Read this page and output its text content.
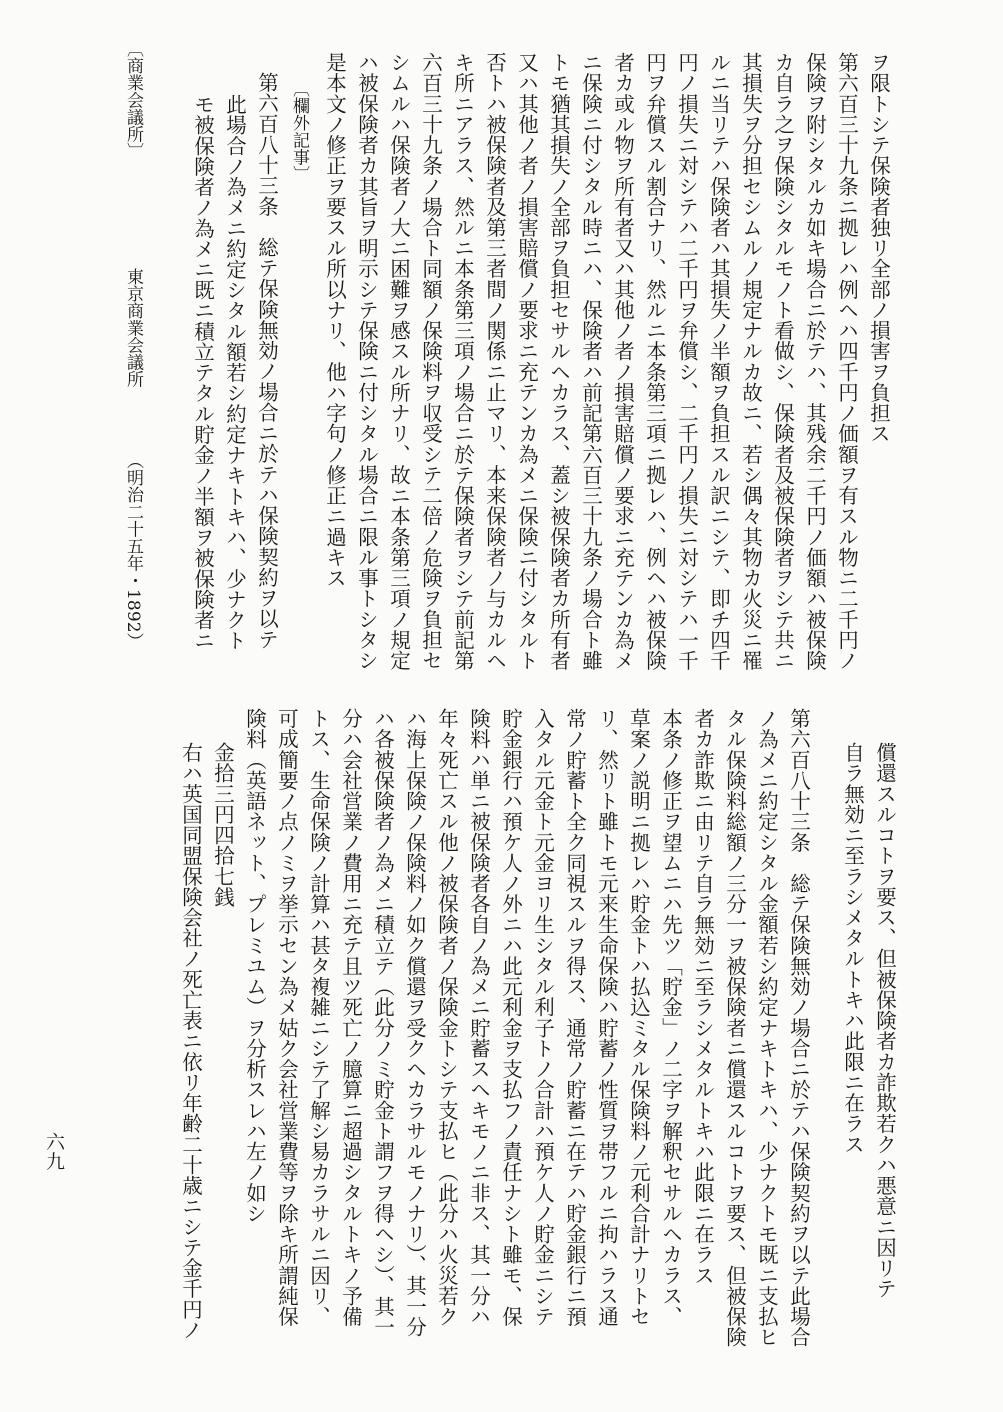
ヲ限トシテ保険者独リ全部ノ損害ヲ負担ス

第六百三十九条ニ拠レハ例ヘハ四千円ノ価額ヲ有スル物ニ二千円ノ

保険ヲ附シタルカ如キ場合ニ於テハ、其残余二千円ノ価額ハ被保険

カ自ラ之ヲ保険シタルモノト看做シ、保険者及被保険者ヲシテ共ニ

其損失ヲ分担セシムルノ規定ナルカ故ニ、若シ偶々其物カ火災ニ罹

ルニ当リテハ保険者ハ其損失ノ半額ヲ負担スル訳ニシテ、即チ四千

円ノ損失ニ対シテハ二千円ヲ弁償シ、二千円ノ損失ニ対シテハ一千

円ヲ弁償スル割合ナリ、然ルニ本条第三項ニ拠レハ、例ヘハ被保険

者カ或ル物ヲ所有者又ハ其他ノ者ノ損害賠償ノ要求ニ充テンカ為メ

ニ保険ニ付シタル時ニハ、保険者ハ前記第六百三十九条ノ場合ト雖

トモ猶其損失ノ全部ヲ負担セサルヘカラス、蓋シ被保険者カ所有者

又ハ其他ノ者ノ損害賠償ノ要求ニ充テンカ為メニ保険ニ付シタルト

否トハ被保険者及第三者間ノ関係ニ止マリ、本来保険者ノ与カルヘ

キ所ニアラス、然ルニ本条第三項ノ場合ニ於テ保険者ヲシテ前記第

六百三十九条ノ場合ト同額ノ保険料ヲ収受シテ二倍ノ危険ヲ負担セ

シムルハ保険者ノ大ニ困難ヲ感スル所ナリ、故ニ本条第三項ノ規定

ハ被保険者カ其旨ヲ明示シテ保険ニ付シタル場合ニ限ル事トシタシ

是本文ノ修正ヲ要スル所以ナリ、他ハ字句ノ修正ニ過キス

〔欄外記事〕

第六百八十三条　総テ保険無効ノ場合ニ於テハ保険契約ヲ以テ

此場合ノ為メニ約定シタル額若シ約定ナキトキハ、少ナクト

モ被保険者ノ為メニ既ニ積立テタル貯金ノ半額ヲ被保険者ニ

〔商業会議所〕

東京商業会議所

（明治二十五年・1892）

償還スルコトヲ要ス、但被保険者カ詐欺若クハ悪意ニ因リテ

自ラ無効ニ至ラシメタルトキハ此限ニ在ラス

第六百八十三条　総テ保険無効ノ場合ニ於テハ保険契約ヲ以テ此場合

ノ為メニ約定シタル金額若シ約定ナキトキハ、少ナクトモ既ニ支払ヒ

タル保険料総額ノ三分一ヲ被保険者ニ償還スルコトヲ要ス、但被保険

者カ詐欺ニ由リテ自ラ無効ニ至ラシメタルトキハ此限ニ在ラス

本条ノ修正ヲ望ムニハ先ツ「貯金」ノ二字ヲ解釈セサルヘカラス、

草案ノ説明ニ拠レハ貯金トハ払込ミタル保険料ノ元利合計ナリトセ

リ、然リト雖トモ元来生命保険ハ貯蓄ノ性質ヲ帯フルニ拘ハラス通

常ノ貯蓄ト全ク同視スルヲ得ス、通常ノ貯蓄ニ在テハ貯金銀行ニ預

入タル元金ト元金ヨリ生シタル利子トノ合計ハ預ケ人ノ貯金ニシテ

貯金銀行ハ預ケ人ノ外ニハ此元利金ヲ支払フノ責任ナシト雖モ、保

険料ハ単ニ被保険者各自ノ為メニ貯蓄スヘキモノニ非ス、其一分ハ

年々死亡スル他ノ被保険者ノ保険金トシテ支払ヒ（此分ハ火災若ク

ハ海上保険ノ保険料ノ如ク償還ヲ受クヘカラサルモノナリ）、其一分

ハ各被保険者ノ為メニ積立テ（此分ノミ貯金ト謂フヲ得ヘシ）、其一

分ハ会社営業ノ費用ニ充テ且ツ死亡ノ臆算ニ超過シタルトキノ予備

トス、生命保険ノ計算ハ甚タ複雑ニシテ了解シ易カラサルニ因リ、

可成簡要ノ点ノミヲ挙示セン為メ姑ク会社営業費等ヲ除キ所謂純保

険料（英語ネット、プレミユム）ヲ分析スレハ左ノ如シ

金拾三円四拾七銭

右ハ英国同盟保険会社ノ死亡表ニ依リ年齢二十歳ニシテ金千円ノ

六九
